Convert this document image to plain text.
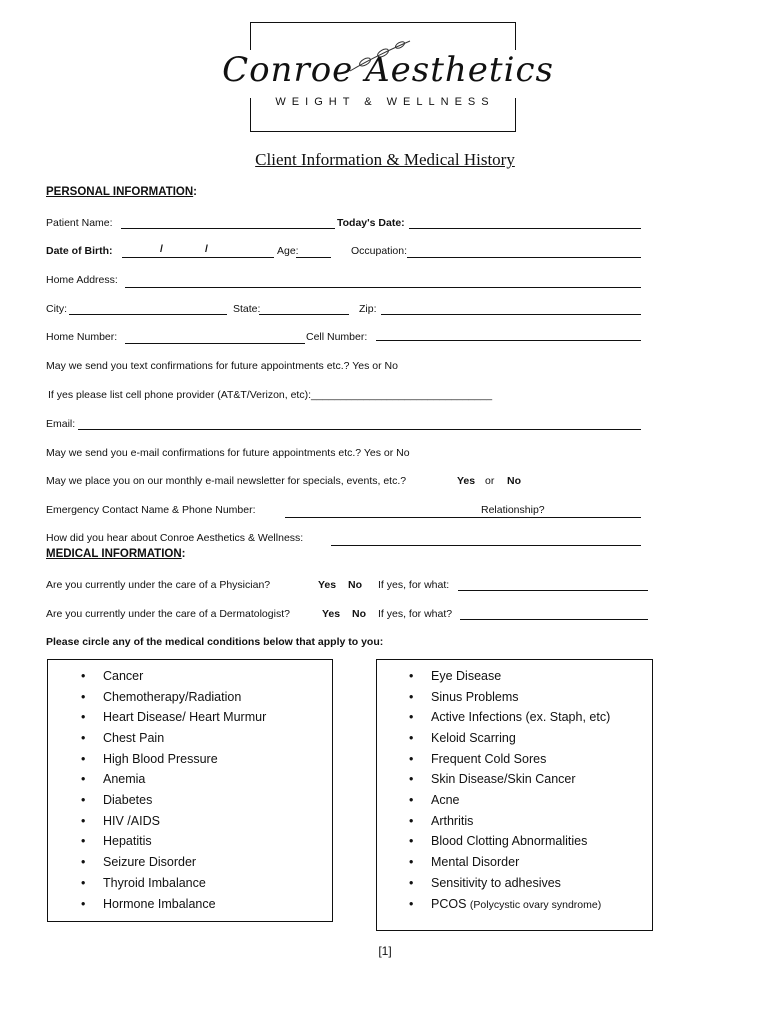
Conroe Aesthetics
WEIGHT & WELLNESS
Client Information & Medical History
PERSONAL INFORMATION:
Patient Name:	Today's Date:
Date of Birth:	/	/	Age:	Occupation:
Home Address:
City:	State:	Zip:
Home Number:	Cell Number:
May we send you text confirmations for future appointments etc.? Yes or No
If yes please list cell phone provider (AT&T/Verizon, etc):_______________________________
Email:
May we send you e-mail confirmations for future appointments etc.? Yes or No
May we place you on our monthly e-mail newsletter for specials, events, etc.?	Yes or No
Emergency Contact Name & Phone Number:	Relationship?
How did you hear about Conroe Aesthetics & Wellness:
MEDICAL INFORMATION:
Are you currently under the care of a Physician?	Yes No If yes, for what:
Are you currently under the care of a Dermatologist?	Yes No If yes, for what?
Please circle any of the medical conditions below that apply to you:
• Cancer
• Chemotherapy/Radiation
• Heart Disease/ Heart Murmur
• Chest Pain
• High Blood Pressure
• Anemia
• Diabetes
• HIV /AIDS
• Hepatitis
• Seizure Disorder
• Thyroid Imbalance
• Hormone Imbalance
• Eye Disease
• Sinus Problems
• Active Infections (ex. Staph, etc)
• Keloid Scarring
• Frequent Cold Sores
• Skin Disease/Skin Cancer
• Acne
• Arthritis
• Blood Clotting Abnormalities
• Mental Disorder
• Sensitivity to adhesives
• PCOS (Polycystic ovary syndrome)
[1]
